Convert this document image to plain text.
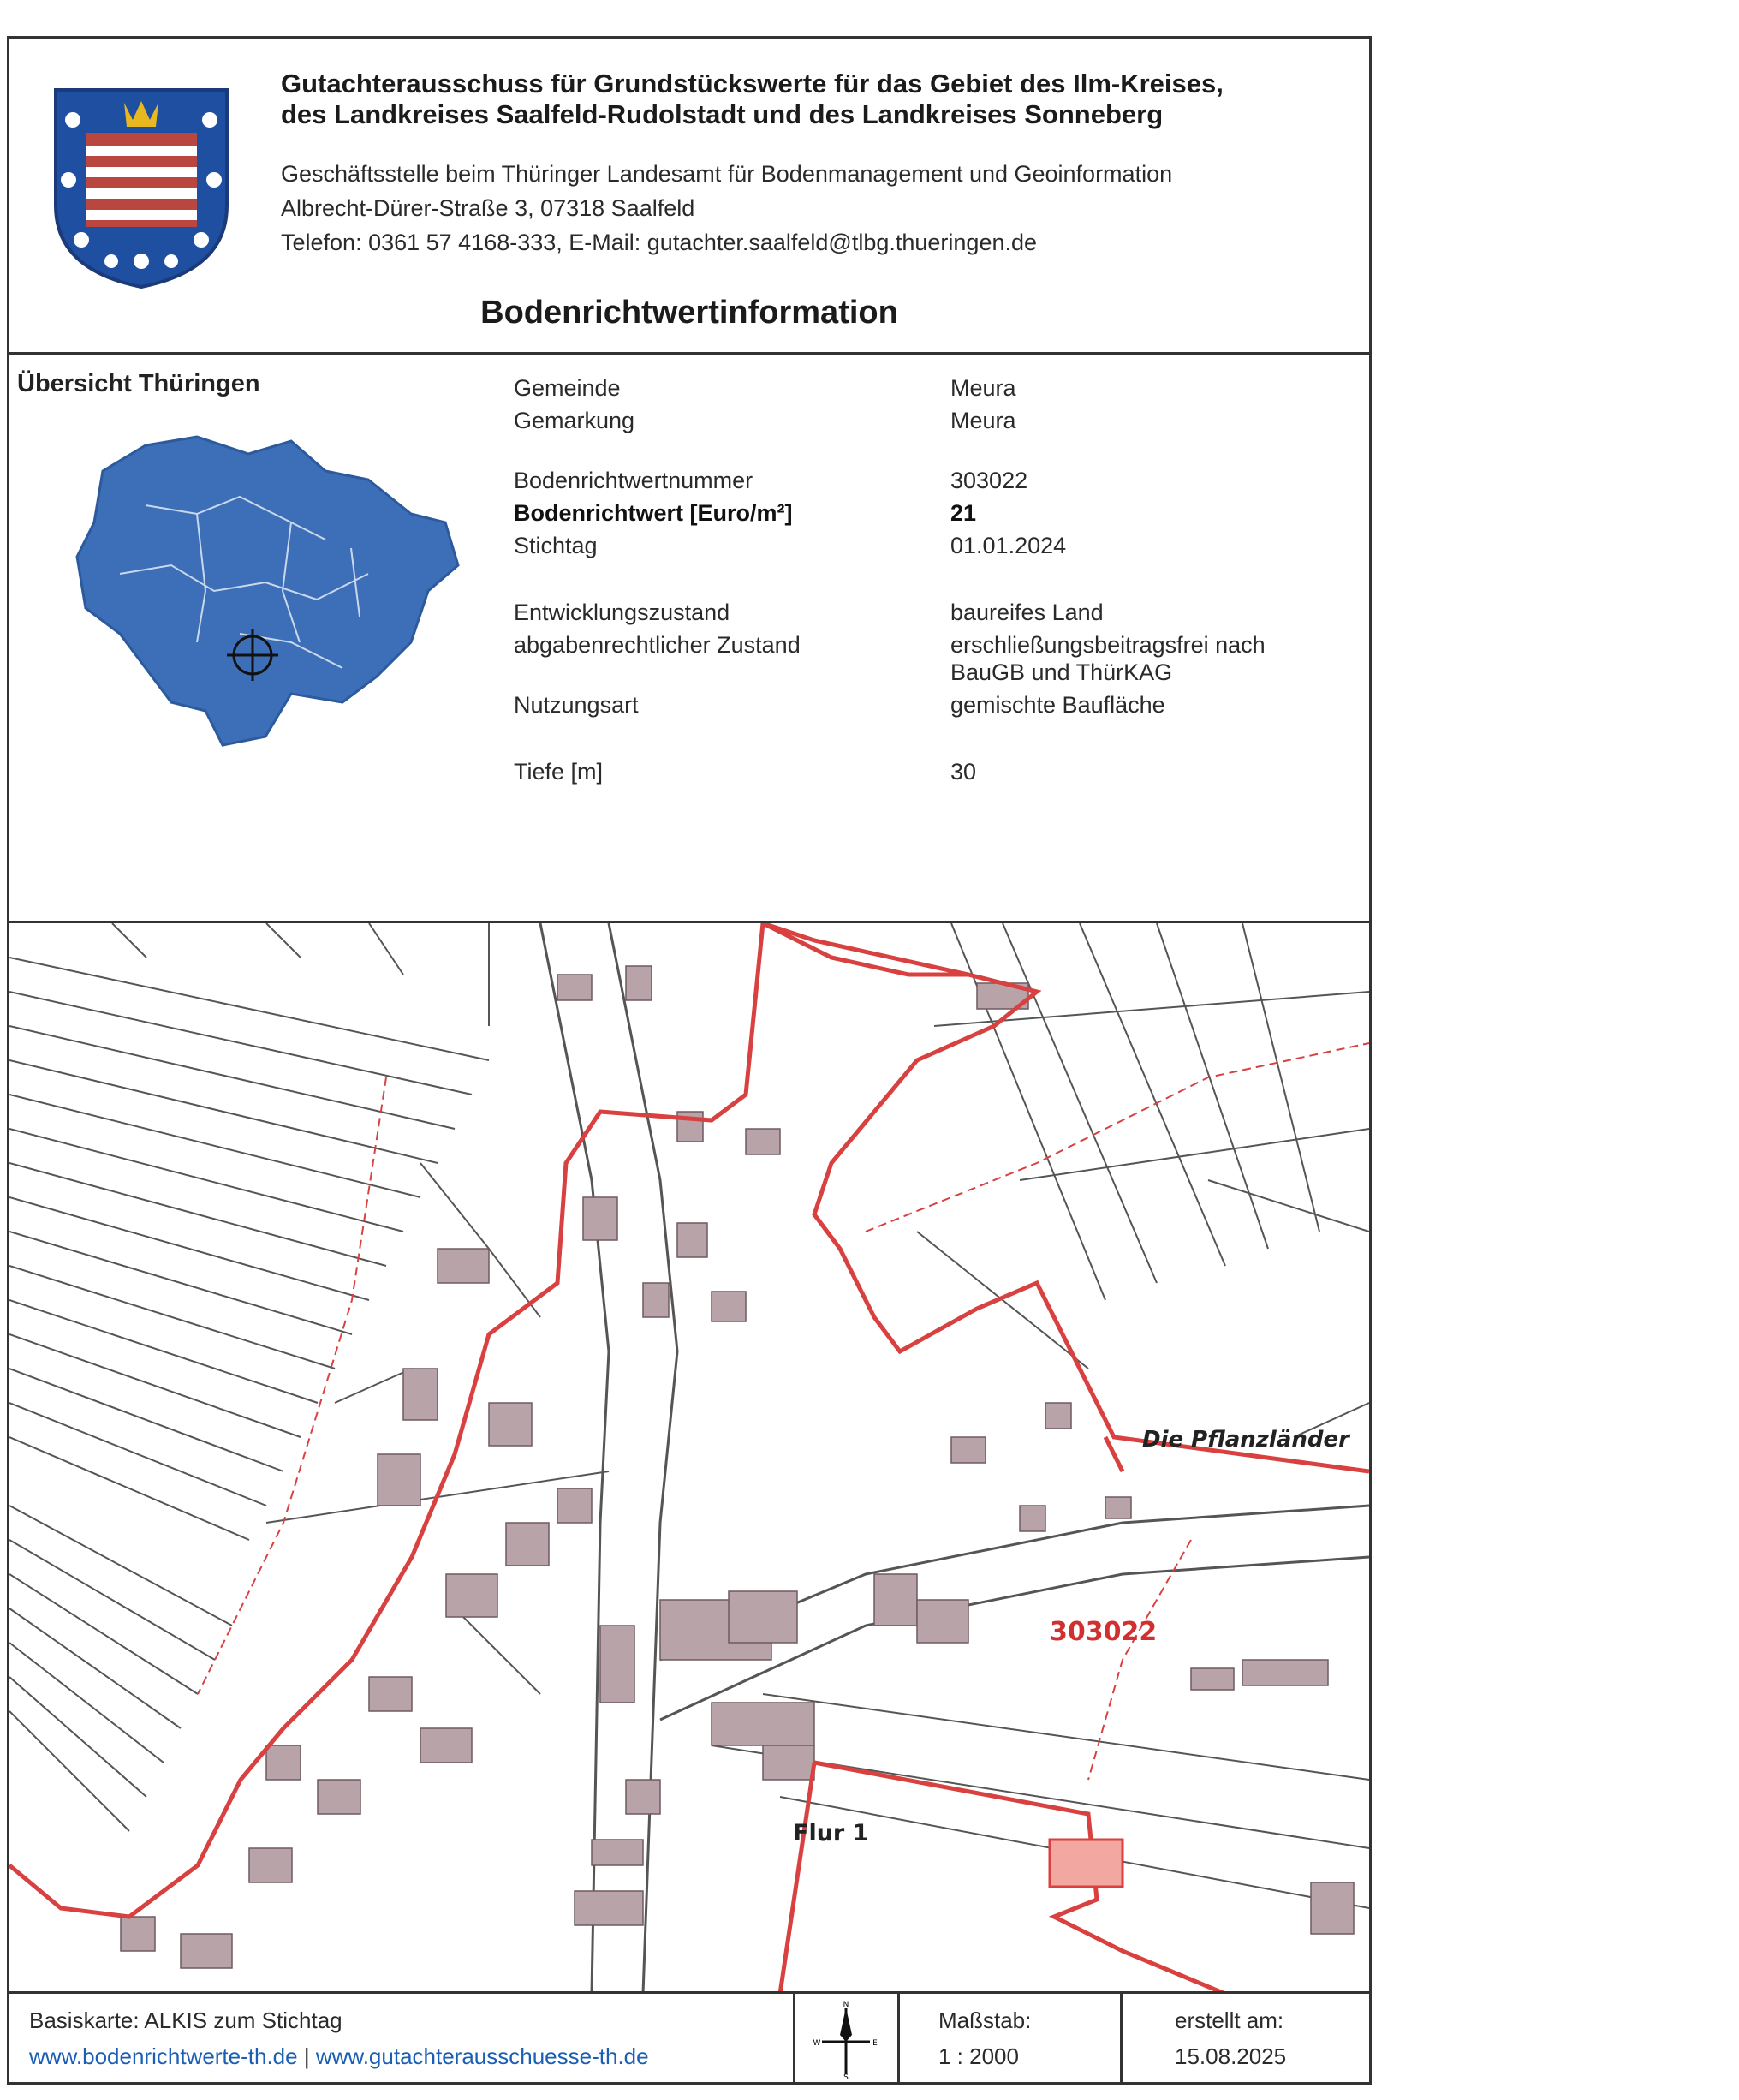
Gutachterausschuss für Grundstückswerte für das Gebiet des Ilm-Kreises,
des Landkreises Saalfeld-Rudolstadt und des Landkreises Sonneberg
Geschäftsstelle beim Thüringer Landesamt für Bodenmanagement und Geoinformation
Albrecht-Dürer-Straße 3, 07318 Saalfeld
Telefon: 0361 57 4168-333, E-Mail: gutachter.saalfeld@tlbg.thueringen.de
Bodenrichtwertinformation
Übersicht Thüringen	Gemeinde	Meura
Gemarkung	Meura
Bodenrichtwertnummer	303022
Bodenrichtwert [Euro/m²]	21
Stichtag	01.01.2024
Entwicklungszustand	baureifes Land
abgabenrechtlicher Zustand	erschließungsbeitragsfrei nach
BauGB und ThürKAG
Nutzungsart	gemischte Baufläche
Tiefe [m]	30
Die Pflanzländer
Flur 1
303022
Basiskarte: ALKIS zum Stichtag
www.bodenrichtwerte-th.de | www.gutachterausschuesse-th.de
N
W	E
S
Maßstab:
1 : 2000
erstellt am:
15.08.2025
